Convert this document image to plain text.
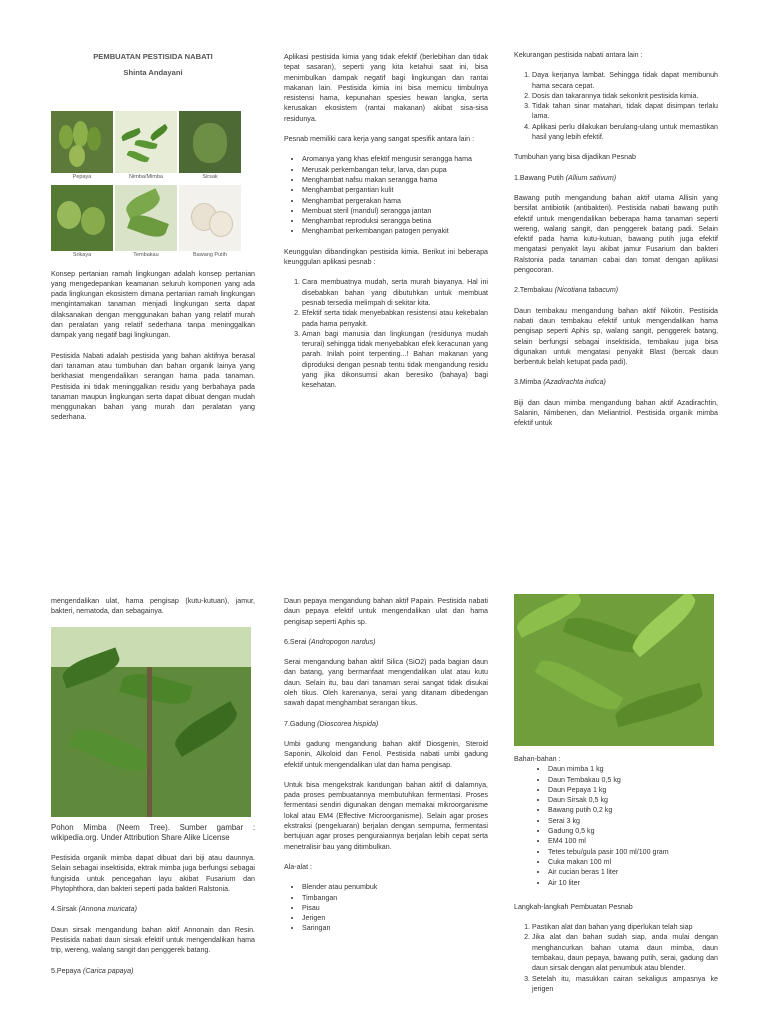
PEMBUATAN PESTISIDA NABATI
Shinta Andayani
Pepaya	Nimba/Mimba	Sirsak
Srikaya	Tembakau	Bawang Putih

Konsep pertanian ramah lingkungan adalah konsep pertanian yang mengedepankan keamanan seluruh komponen yang ada pada lingkungan ekosistem dimana pertanian ramah lingkungan mengintamakan tanaman menjadi lingkungan serta dapat dilaksanakan dengan menggunakan bahan yang relatif murah dan peralatan yang relatif sederhana tanpa meninggalkan dampak yang negatif bagi lingkungan.

Pestisida Nabati adalah pestisida yang bahan aktifnya berasal dari tanaman atau tumbuhan dan bahan organik lainya yang berkhasiat mengendalikan serangan hama pada tanaman. Pestisida ini tidak meninggalkan residu yang berbahaya pada tanaman maupun lingkungan serta dapat dibuat dengan mudah menggunakan bahan yang murah dan peralatan yang sederhana.

Aplikasi pestisida kimia yang tidak efektif (berlebihan dan tidak tepat sasaran), seperti yang kita ketahui saat ini, bisa menimbulkan dampak negatif bagi lingkungan dan rantai makanan lain. Pestisida kimia ini bisa memicu timbulnya resistensi hama, kepunahan spesies hewan langka, serta kerusakan ekosistem (rantai makanan) akibat sisa-sisa residunya.

Pesnab memiliki cara kerja yang sangat spesifik antara lain :

• Aromanya yang khas efektif mengusir serangga hama
• Merusak perkembangan telur, larva, dan pupa
• Menghambat nafsu makan serangga hama
• Menghambat pergantian kulit
• Menghambat pergerakan hama
• Membuat steril (mandul) serangga jantan
• Menghambat reproduksi serangga betina
• Menghambat perkembangan patogen penyakit

Keunggulan dibandingkan pestisida kimia. Berikut ini beberapa keunggulan aplikasi pesnab :

1. Cara membuatnya mudah, serta murah biayanya. Hal ini disebabkan bahan yang dibutuhkan untuk membuat pesnab tersedia melimpah di sekitar kita.
2. Efektif serta tidak menyebabkan resistensi atau kekebalan pada hama penyakit.
3. Aman bagi manusia dan lingkungan (residunya mudah terurai) sehingga tidak menyebabkan efek keracunan yang parah. Inilah point terpenting...! Bahan makanan yang diproduksi dengan pesnab tentu tidak mengandung residu yang jika dikonsumsi akan beresiko (bahaya) bagi kesehatan.

Kekurangan pestisida nabati antara lain :

1. Daya kerjanya lambat. Sehingga tidak dapat membunuh hama secara cepat.
2. Dosis dan takarannya tidak sekonkrit pestisida kimia.
3. Tidak tahan sinar matahari, tidak dapat disimpan terlalu lama.
4. Aplikasi perlu dilakukan berulang-ulang untuk memastikan hasil yang lebih efektif.

Tumbuhan yang bisa dijadikan Pesnab

1.Bawang Putih (Allium sativum)

Bawang putih mengandung bahan aktif utama Allisin yang bersifat antibiotik (antibakteri). Pestisida nabati bawang putih efektif untuk mengendalikan beberapa hama tanaman seperti wereng, walang sangit, dan penggerek batang padi. Selain efektif pada hama kutu-kutuan, bawang putih juga efektif mengatasi penyakit layu akibat jamur Fusarium dan bakteri Ralstonia pada tanaman cabai dan tomat dengan aplikasi pengocoran.

2.Tembakau (Nicotiana tabacum)

Daun tembakau mengandung bahan aktif Nikotin. Pestisida nabati daun tembakau efektif untuk mengendalikan hama pengisap seperti Aphis sp, walang sangit, penggerek batang, selain berfungsi sebagai insektisida, tembakau juga bisa digunakan untuk mengatasi penyakit Blast (bercak daun berbentuk belah ketupat pada padi).

3.Mimba (Azadirachta indica)

Biji dan daun mimba mengandung bahan aktif Azadirachtin, Salanin, Nimbenen, dan Meliantriol. Pestisida organik mimba efektif untuk

mengendalikan ulat, hama pengisap (kutu-kutuan), jamur, bakteri, nematoda, dan sebagainya.

Pohon Mimba (Neem Tree). Sumber gambar : wikipedia.org. Under Attribution Share Alike License

Pestisida organik mimba dapat dibuat dari biji atau daunnya. Selain sebagai insektisida, ektrak mimba juga berfungsi sebagai fungisida untuk pencegahan layu akibat Fusarium dan Phytophthora, dan bakteri seperti pada bakteri Ralstonia.

4.Sirsak (Annona muricata)

Daun sirsak mengandung bahan aktif Annonain dan Resin. Pestisida nabati daun sirsak efektif untuk mengendalikan hama trip, wereng, walang sangit dan penggerek batang.

5.Pepaya (Carica papaya)

Daun pepaya mengandung bahan aktif Papain. Pestisida nabati daun pepaya efektif untuk mengendalikan ulat dan hama pengisap seperti Aphis sp.

6.Serai (Andropogon nardus)

Serai mengandung bahan aktif Silica (SiO2) pada bagian daun dan batang, yang bermanfaat mengendalikan ulat atau kutu daun. Selain itu, bau dari tanaman serai sangat tidak disukai oleh tikus. Oleh karenanya, serai yang ditanam dibedengan sawah dapat menghambat serangan tikus.

7.Gadung (Dioscorea hispida)

Umbi gadung mengandung bahan aktif Diosgenin, Steroid Saponin, Alkoloid dan Fenol. Pestisida nabati umbi gadung efektif untuk mengendalikan ulat dan hama pengisap.

Untuk bisa mengekstrak kandungan bahan aktif di dalamnya, pada proses pembuatannya membutuhkan fermentasi. Proses fermentasi sendiri digunakan dengan memakai mikroorganisme lokal atau EM4 (Effective Microorganisme). Selain agar proses ekstraksi (pengeluaran) berjalan dengan sempurna, fermentasi bertujuan agar proses penguraiannya berjalan lebih cepat serta menetralisir bau yang ditimbulkan.

Ala-alat :

• Blender atau penumbuk
• Timbangan
• Pisau
• Jerigen
• Saringan

Bahan-bahan :

• Daun mimba 1 kg
• Daun Tembakau 0,5 kg
• Daun Pepaya 1 kg
• Daun Sirsak 0,5 kg
• Bawang putih 0,2 kg
• Serai 3 kg
• Gadung 0,5 kg
• EM4 100 ml
• Tetes tebu/gula pasir 100 ml/100 gram
• Cuka makan 100 ml
• Air cucian beras 1 liter
• Air 10 liter

Langkah-langkah Pembuatan Pesnab

1. Pastikan alat dan bahan yang diperlukan telah siap
2. Jika alat dan bahan sudah siap, anda mulai dengan menghancurkan bahan utama daun mimba, daun tembakau, daun pepaya, bawang putih, serai, gadung dan daun sirsak dengan alat penumbuk atau blender.
3. Setelah itu, masukkan cairan sekaligus ampasnya ke jerigen
